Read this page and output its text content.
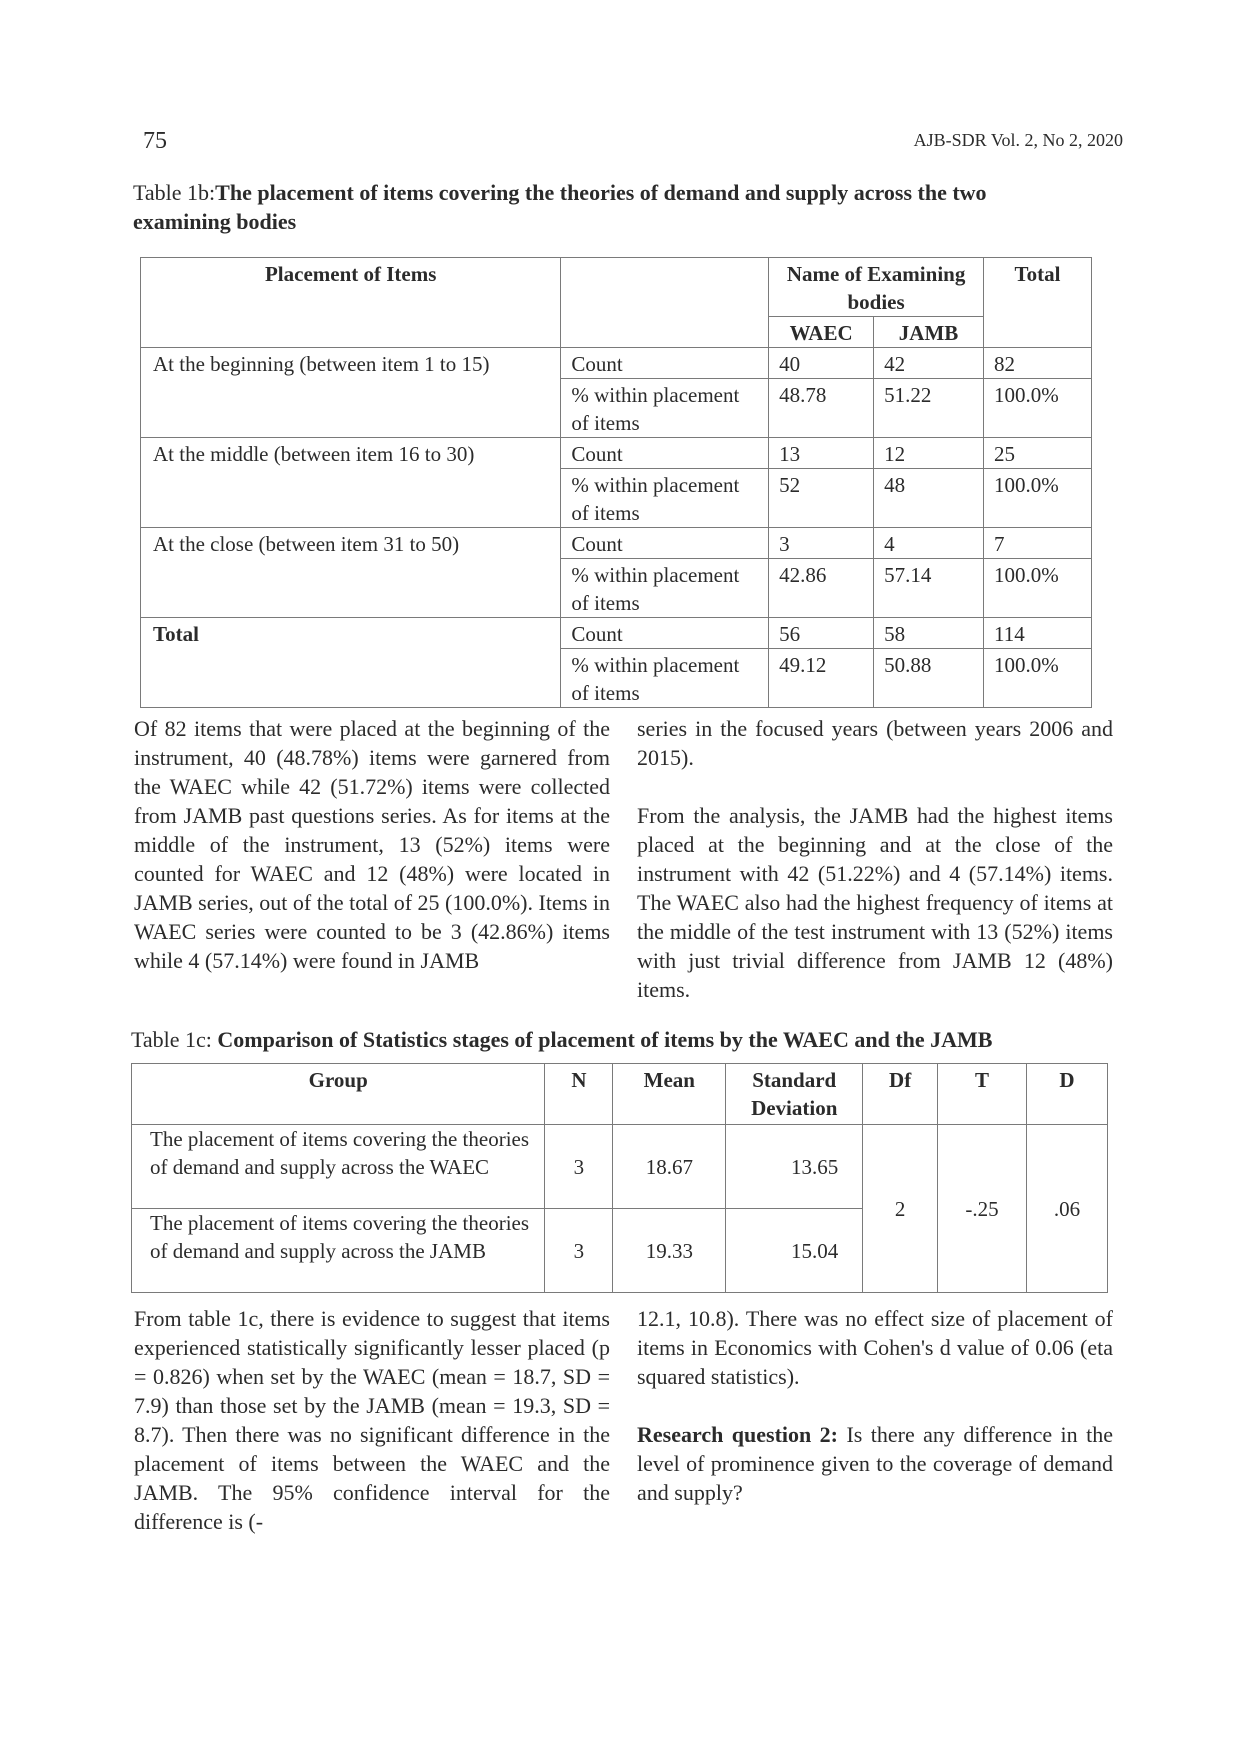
75	AJB-SDR Vol. 2, No 2, 2020
Table 1b:The placement of items covering the theories of demand and supply across the two examining bodies
Placement of Items		Name of Examining bodies		Total
		WAEC	JAMB	
At the beginning (between item 1 to 15)	Count	40	42	82
	% within placement of items	48.78	51.22	100.0%
At the middle (between item 16 to 30)	Count	13	12	25
	% within placement of items	52	48	100.0%
At the close (between item 31 to 50)	Count	3	4	7
	% within placement of items	42.86	57.14	100.0%
Total	Count	56	58	114
	% within placement of items	49.12	50.88	100.0%

Of 82 items that were placed at the beginning of the instrument, 40 (48.78%) items were garnered from the WAEC while 42 (51.72%) items were collected from JAMB past questions series. As for items at the middle of the instrument, 13 (52%) items were counted for WAEC and 12 (48%) were located in JAMB series, out of the total of 25 (100.0%). Items in WAEC series were counted to be 3 (42.86%) items while 4 (57.14%) were found in JAMB

series in the focused years (between years 2006 and 2015).

From the analysis, the JAMB had the highest items placed at the beginning and at the close of the instrument with 42 (51.22%) and 4 (57.14%) items. The WAEC also had the highest frequency of items at the middle of the test instrument with 13 (52%) items with just trivial difference from JAMB 12 (48%) items.

Table 1c: Comparison of Statistics stages of placement of items by the WAEC and the JAMB
Group	N	Mean	Standard Deviation	Df	T	D
The placement of items covering the theories of demand and supply across the WAEC	3	18.67	13.65	2	-.25	.06
The placement of items covering the theories of demand and supply across the JAMB	3	19.33	15.04			

From table 1c, there is evidence to suggest that items experienced statistically significantly lesser placed (p = 0.826) when set by the WAEC (mean = 18.7, SD = 7.9) than those set by the JAMB (mean = 19.3, SD = 8.7). Then there was no significant difference in the placement of items between the WAEC and the JAMB. The 95% confidence interval for the difference is (-

12.1, 10.8). There was no effect size of placement of items in Economics with Cohen's d value of 0.06 (eta squared statistics).

Research question 2: Is there any difference in the level of prominence given to the coverage of demand and supply?
